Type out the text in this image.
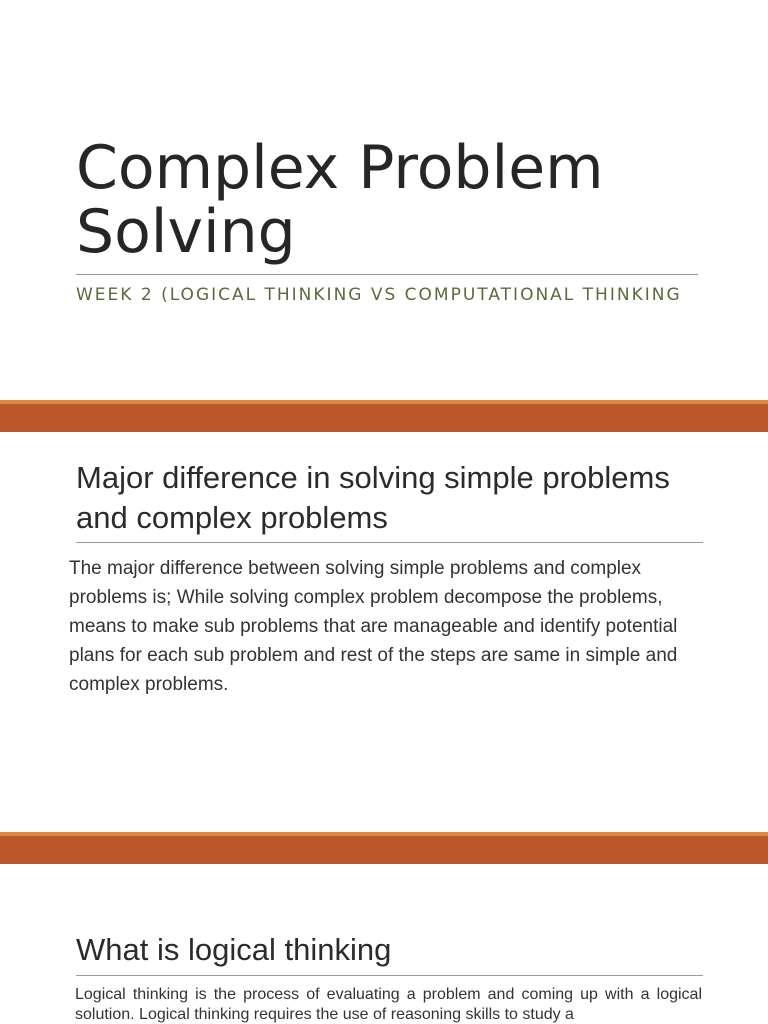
Complex Problem Solving

WEEK 2 (LOGICAL THINKING VS COMPUTATIONAL THINKING

Major difference in solving simple problems and complex problems

The major difference between solving simple problems and complex problems is; While solving complex problem decompose the problems, means to make sub problems that are manageable and identify potential plans for each sub problem and rest of the steps are same in simple and complex problems.

What is logical thinking

Logical thinking is the process of evaluating a problem and coming up with a logical solution. Logical thinking requires the use of reasoning skills to study a
